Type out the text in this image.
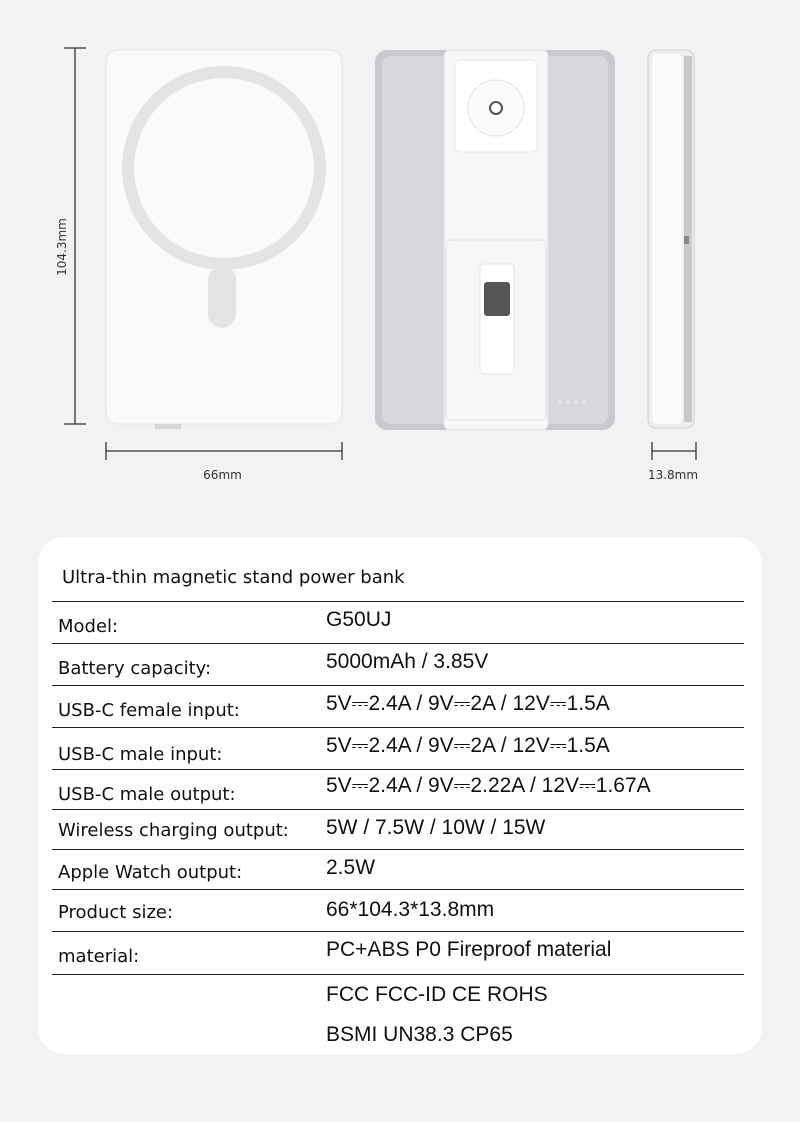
66mm	13.8mm
104.3mm
Ultra-thin magnetic stand power bank
Model:	G50UJ
Battery capacity:	5000mAh / 3.85V
USB-C female input:	5V⎓2.4A / 9V⎓2A / 12V⎓1.5A
USB-C male input:	5V⎓2.4A / 9V⎓2A / 12V⎓1.5A
USB-C male output:	5V⎓2.4A / 9V⎓2.22A / 12V⎓1.67A
Wireless charging output: 5W / 7.5W / 10W / 15W
Apple Watch output:	2.5W
Product size:	66*104.3*13.8mm
material:	PC+ABS P0 Fireproof material
FCC FCC-ID CE ROHS
BSMI UN38.3 CP65
